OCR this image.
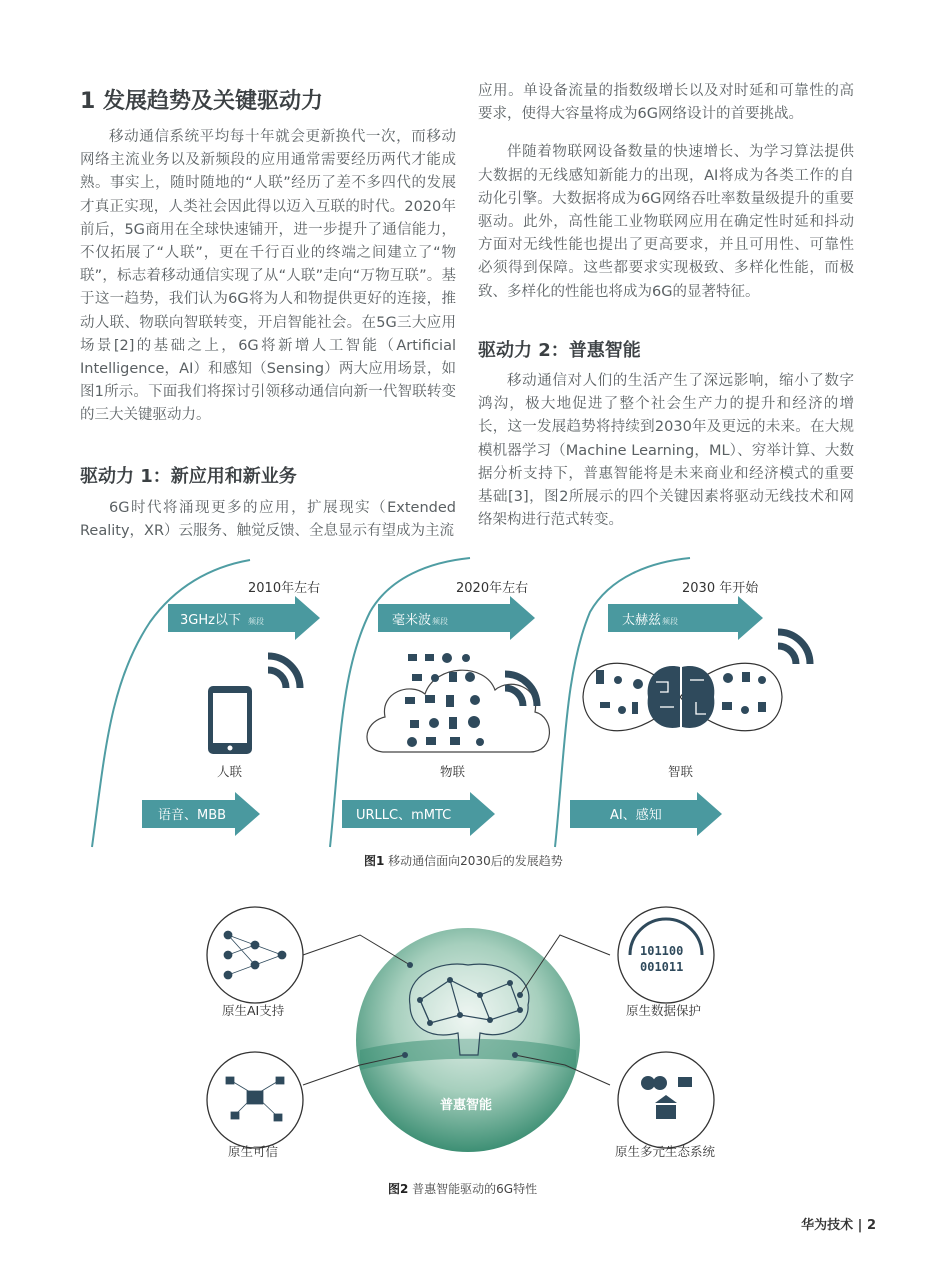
1 发展趋势及关键驱动力

移动通信系统平均每十年就会更新换代一次，而移动网络主流业务以及新频段的应用通常需要经历两代才能成熟。事实上，随时随地的“人联”经历了差不多四代的发展才真正实现，人类社会因此得以迈入互联的时代。2020年前后，5G商用在全球快速铺开，进一步提升了通信能力，不仅拓展了“人联”，更在千行百业的终端之间建立了“物联”，标志着移动通信实现了从“人联”走向“万物互联”。基于这一趋势，我们认为6G将为人和物提供更好的连接，推动人联、物联向智联转变，开启智能社会。在5G三大应用场景[2]的基础之上，6G将新增人工智能（Artificial Intelligence，AI）和感知（Sensing）两大应用场景，如图1所示。下面我们将探讨引领移动通信向新一代智联转变的三大关键驱动力。

驱动力 1：新应用和新业务

6G时代将涌现更多的应用，扩展现实（Extended Reality，XR）云服务、触觉反馈、全息显示有望成为主流

应用。单设备流量的指数级增长以及对时延和可靠性的高要求，使得大容量将成为6G网络设计的首要挑战。

伴随着物联网设备数量的快速增长、为学习算法提供大数据的无线感知新能力的出现，AI将成为各类工作的自动化引擎。大数据将成为6G网络吞吐率数量级提升的重要驱动。此外，高性能工业物联网应用在确定性时延和抖动方面对无线性能也提出了更高要求，并且可用性、可靠性必须得到保障。这些都要求实现极致、多样化性能，而极致、多样化的性能也将成为6G的显著特征。

驱动力 2：普惠智能

移动通信对人们的生活产生了深远影响，缩小了数字鸿沟，极大地促进了整个社会生产力的提升和经济的增长，这一发展趋势将持续到2030年及更远的未来。在大规模机器学习（Machine Learning，ML）、穷举计算、大数据分析支持下，普惠智能将是未来商业和经济模式的重要基础[3]，图2所展示的四个关键因素将驱动无线技术和网络架构进行范式转变。

2010年左右	2020年左右	2030 年开始
3GHz以下 频段	毫米波 频段	太赫兹 频段
人联	物联	智联
语音、MBB	URLLC、mMTC	AI、感知
图1 移动通信面向2030后的发展趋势
普惠智能
原生AI支持
101100
001011
原生数据保护
原生可信	原生多元生态系统
图2 普惠智能驱动的6G特性
华为技术 | 2
